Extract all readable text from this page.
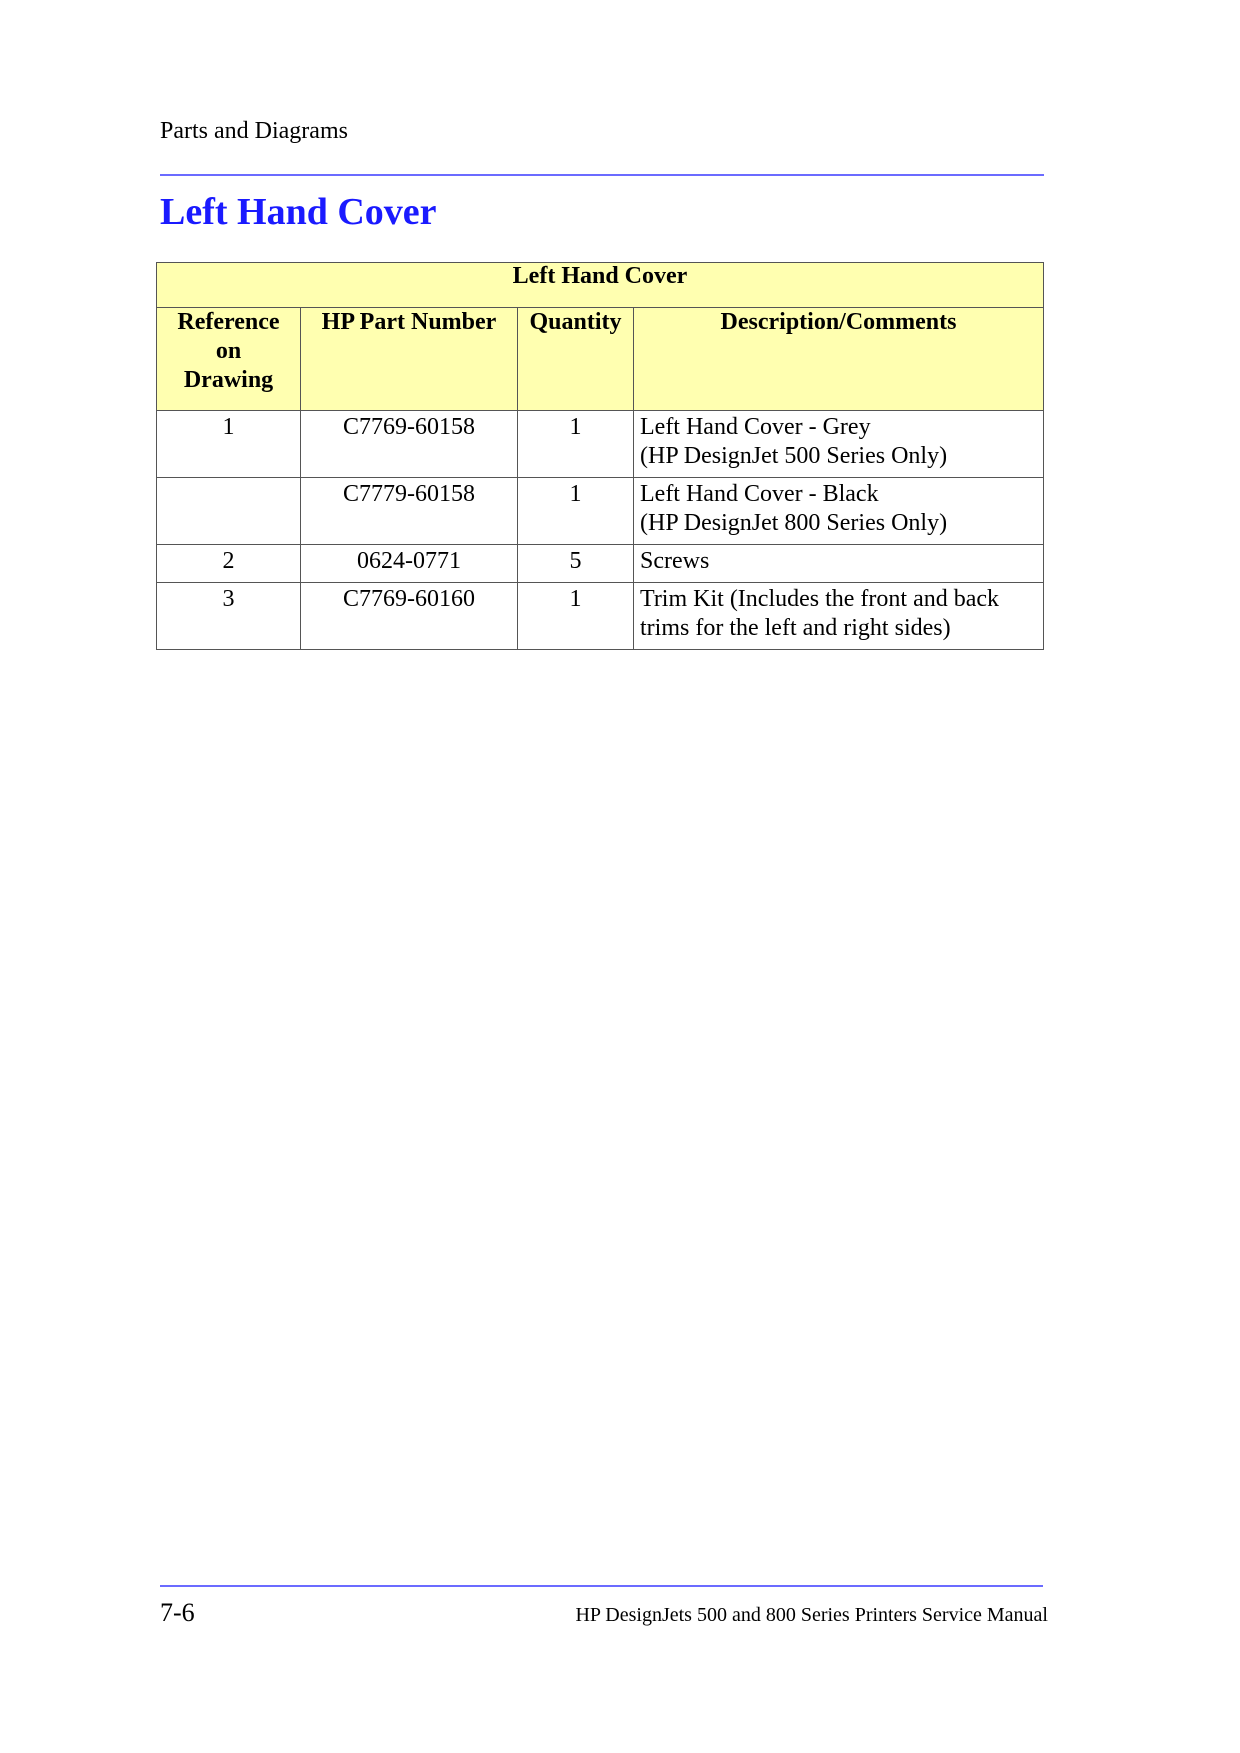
Parts and Diagrams
Left Hand Cover
Left Hand Cover			

Reference
on
Drawing	HP Part Number	Quantity	Description/Comments
1	C7769-60158	1	Left Hand Cover - Grey
(HP DesignJet 500 Series Only)

	C7779-60158	1	Left Hand Cover - Black
(HP DesignJet 800 Series Only)

2	0624-0771	5	Screws

3	C7769-60160	1	Trim Kit (Includes the front and back
trims for the left and right sides)
7-6	HP DesignJets 500 and 800 Series Printers Service Manual
